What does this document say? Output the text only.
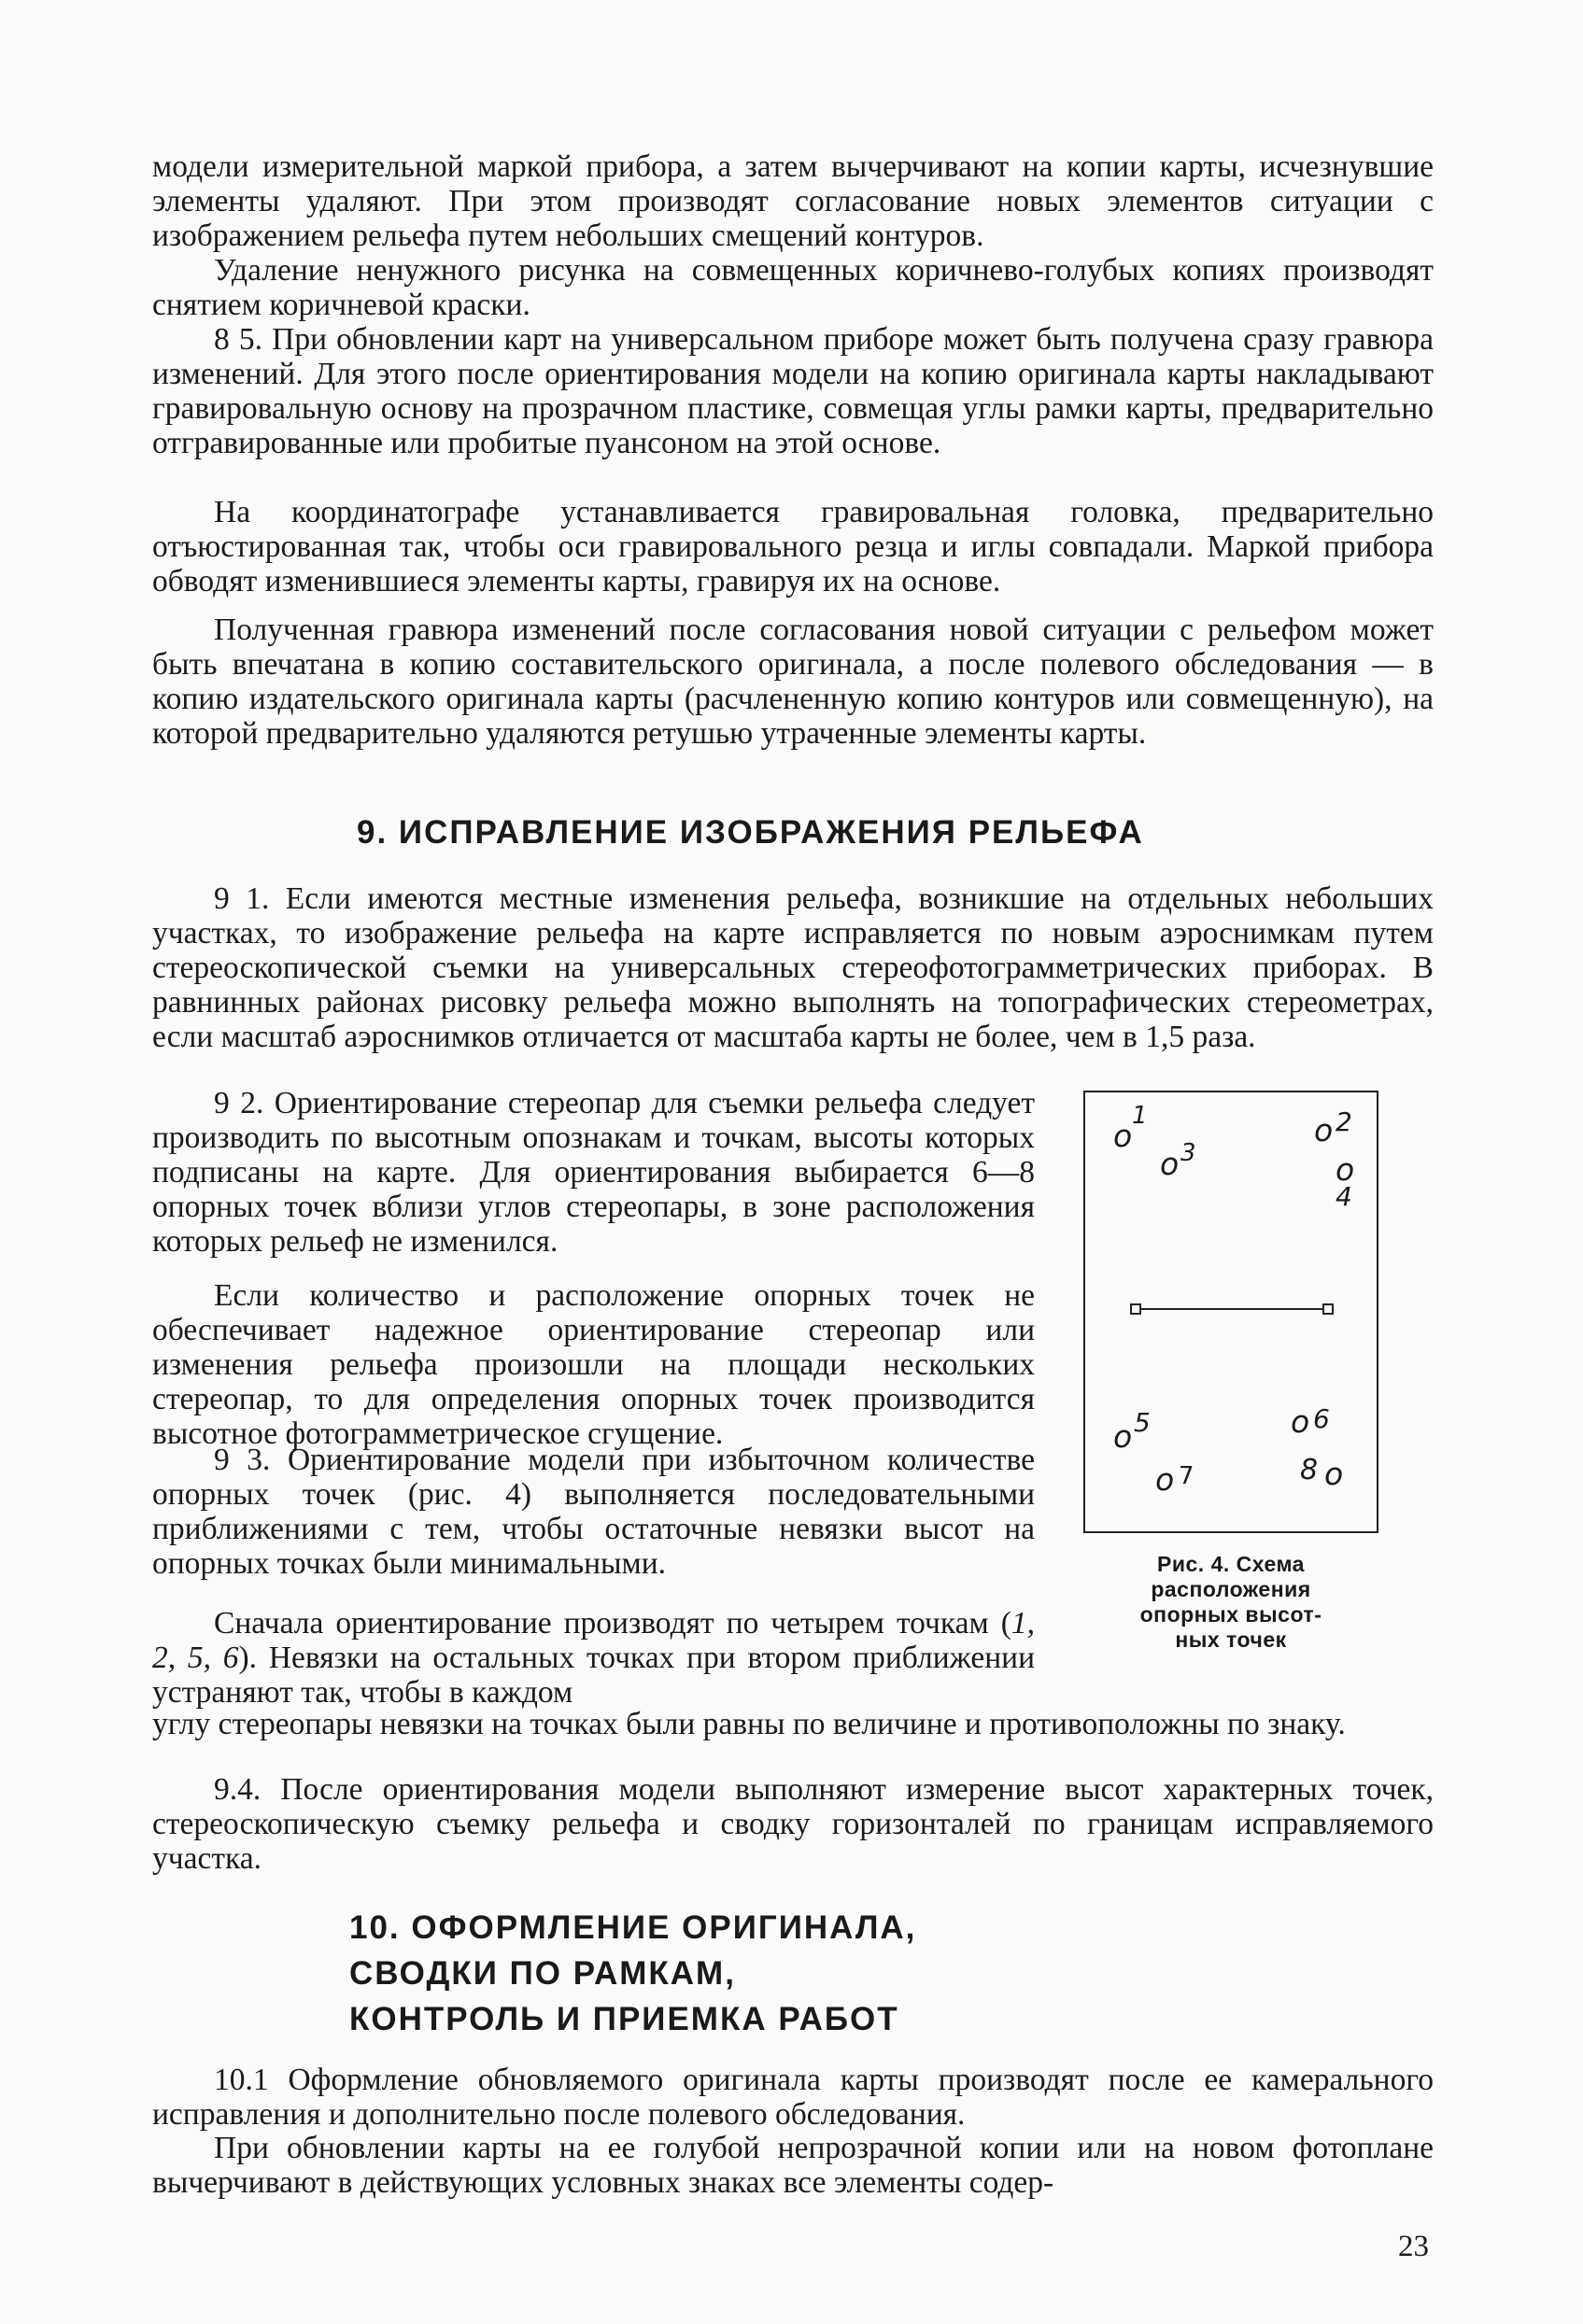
модели измерительной маркой прибора, а затем вычерчивают на копии карты, исчезнувшие элементы удаляют. При этом производят согласование новых элементов ситуации с изображением рельефа путем небольших смещений контуров.

Удаление ненужного рисунка на совмещенных коричнево-голубых копиях производят снятием коричневой краски.

8 5. При обновлении карт на универсальном приборе может быть получена сразу гравюра изменений. Для этого после ориентирования модели на копию оригинала карты накладывают гравировальную основу на прозрачном пластике, совмещая углы рамки карты, предварительно отгравированные или пробитые пуансоном на этой основе.

На координатографе устанавливается гравировальная головка, предварительно отъюстированная так, чтобы оси гравировального резца и иглы совпадали. Маркой прибора обводят изменившиеся элементы карты, гравируя их на основе.

Полученная гравюра изменений после согласования новой ситуации с рельефом может быть впечатана в копию составительского оригинала, а после полевого обследования — в копию издательского оригинала карты (расчлененную копию контуров или совмещенную), на которой предварительно удаляются ретушью утраченные элементы карты.

9. ИСПРАВЛЕНИЕ ИЗОБРАЖЕНИЯ РЕЛЬЕФА

9 1. Если имеются местные изменения рельефа, возникшие на отдельных небольших участках, то изображение рельефа на карте исправляется по новым аэроснимкам путем стереоскопической съемки на универсальных стереофотограмметрических приборах. В равнинных районах рисовку рельефа можно выполнять на топографических стереометрах, если масштаб аэроснимков отличается от масштаба карты не более, чем в 1,5 раза.

9 2. Ориентирование стереопар для съемки рельефа следует производить по высотным опознакам и точкам, высоты которых подписаны на карте. Для ориентирования выбирается 6—8 опорных точек вблизи углов стереопары, в зоне расположения которых рельеф не изменился.

Если количество и расположение опорных точек не обеспечивает надежное ориентирование стереопар или изменения рельефа произошли на площади нескольких стереопар, то для определения опорных точек производится высотное фотограмметрическое сгущение.

9 3. Ориентирование модели при избыточном количестве опорных точек (рис. 4) выполняется последовательными приближениями с тем, чтобы остаточные невязки высот на опорных точках были минимальными.

Сначала ориентирование производят по четырем точкам (1, 2, 5, 6). Невязки на остальных точках при втором приближении устраняют так, чтобы в каждом

углу стереопары невязки на точках были равны по величине и противоположны по знаку.

9.4. После ориентирования модели выполняют измерение высот характерных точек, стереоскопическую съемку рельефа и сводку горизонталей по границам исправляемого участка.

10. ОФОРМЛЕНИЕ ОРИГИНАЛА,
СВОДКИ ПО РАМКАМ,
КОНТРОЛЬ И ПРИЕМКА РАБОТ

10.1 Оформление обновляемого оригинала карты производят после ее камерального исправления и дополнительно после полевого обследования.

При обновлении карты на ее голубой непрозрачной копии или на новом фотоплане вычерчивают в действующих условных знаках все элементы содер-

o
1	o 2
o 3	o
4
o 5	o 6
o 7	8 o
Рис. 4. Схема
расположения
опорных высот-
ных точек
23
